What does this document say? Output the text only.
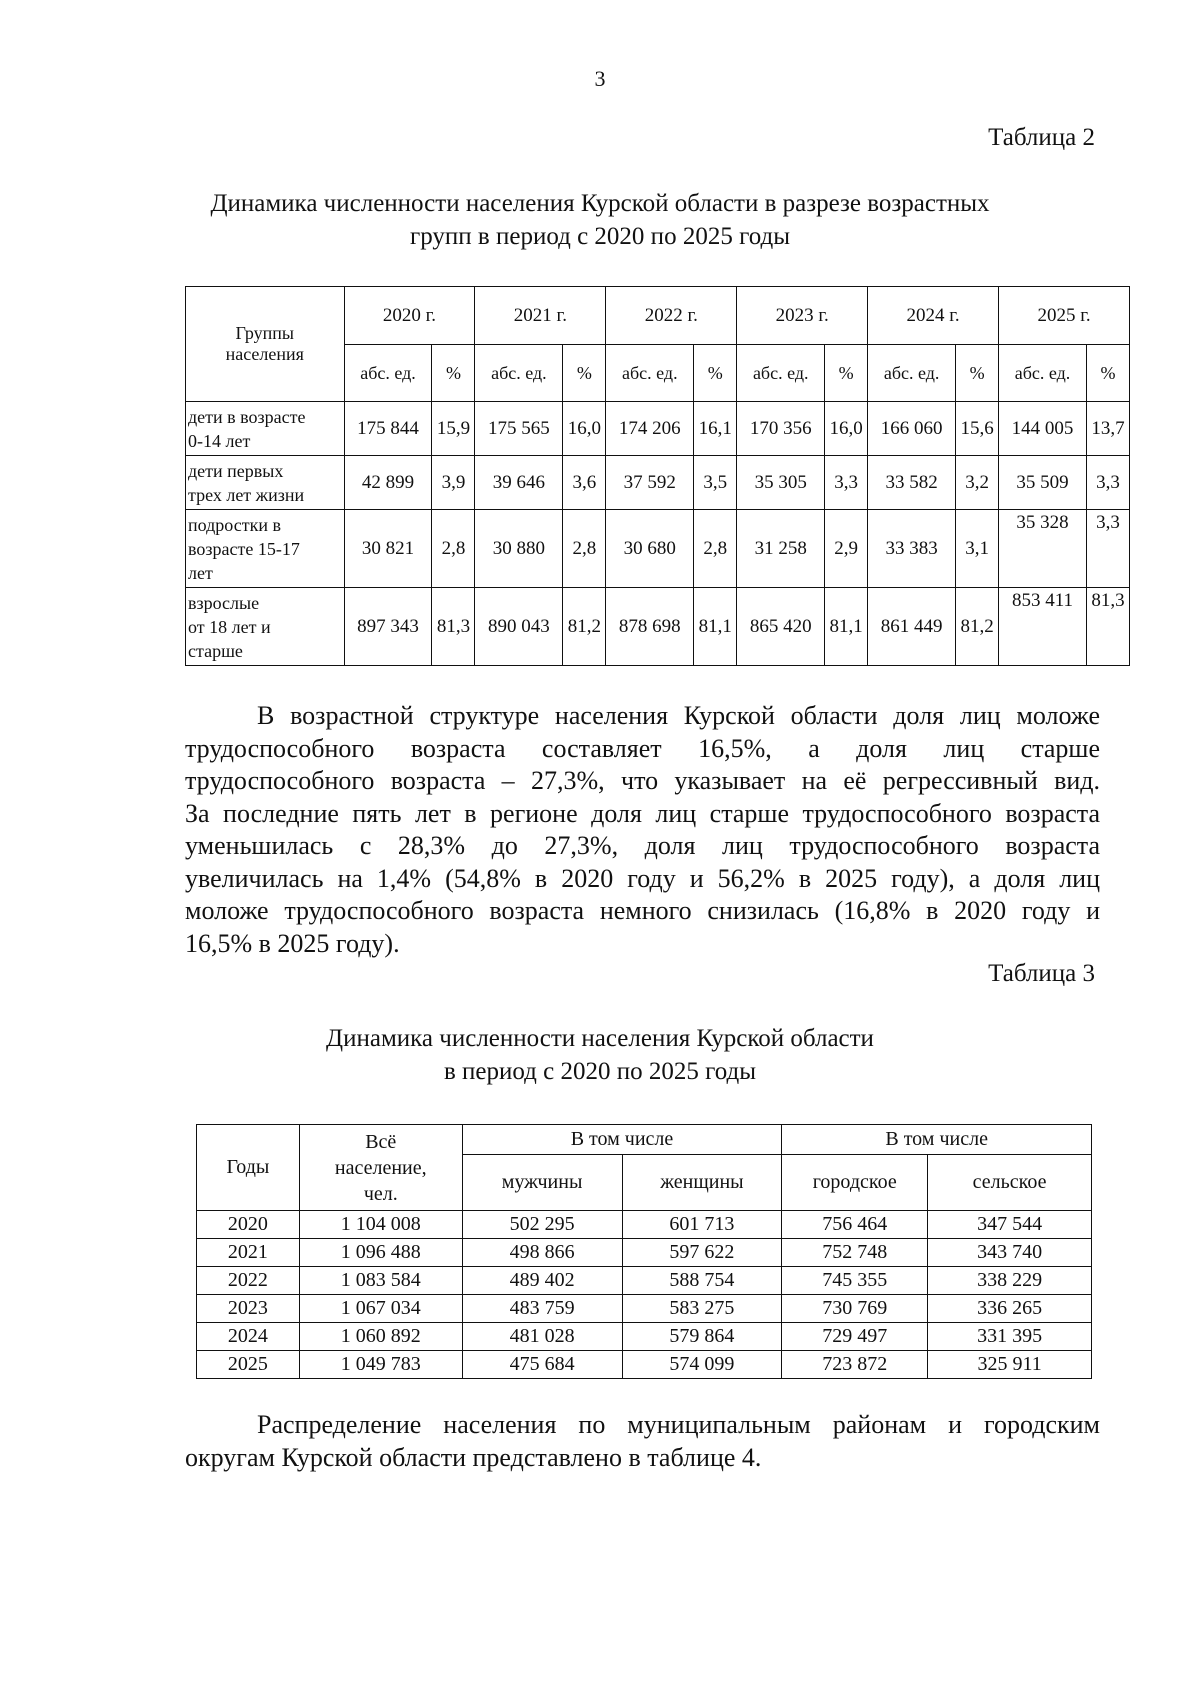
3
Таблица 2
Динамика численности населения Курской области в разрезе возрастных
групп в период с 2020 по 2025 годы
Группы
населения	2020 г.		2021 г.		2022 г.		2023 г.		2024 г.		2025 г.	
	абс. ед.	%	абс. ед.	%	абс. ед.	%	абс. ед.	%	абс. ед.	%	абс. ед.	%

дети в возрасте
0-14 лет	175 844	15,9	175 565	16,0	174 206	16,1	170 356	16,0	166 060	15,6	144 005	13,7

дети первых
трех лет жизни	42 899	3,9	39 646	3,6	37 592	3,5	35 305	3,3	33 582	3,2	35 509	3,3

подростки в
возрасте 15-17
лет	30 821	2,8	30 880	2,8	30 680	2,8	31 258	2,9	33 383	3,1	35 328	3,3

взрослые
от 18 лет и
старше	897 343	81,3	890 043	81,2	878 698	81,1	865 420	81,1	861 449	81,2	853 411	81,3
В возрастной структуре населения Курской области доля лиц моложе
трудоспособного возраста составляет 16,5%, а доля лиц старше
трудоспособного возраста – 27,3%, что указывает на её регрессивный вид.
За последние пять лет в регионе доля лиц старше трудоспособного возраста
уменьшилась с 28,3% до 27,3%, доля лиц трудоспособного возраста
увеличилась на 1,4% (54,8% в 2020 году и 56,2% в 2025 году), а доля лиц
моложе трудоспособного возраста немного снизилась (16,8% в 2020 году и
16,5% в 2025 году).
Таблица 3
Динамика численности населения Курской области
в период с 2020 по 2025 годы
Годы	Всё
население,
чел.	В том числе		В том числе	
		мужчины	женщины	городское	сельское
2020	1 104 008	502 295	601 713	756 464	347 544
2021	1 096 488	498 866	597 622	752 748	343 740
2022	1 083 584	489 402	588 754	745 355	338 229
2023	1 067 034	483 759	583 275	730 769	336 265
2024	1 060 892	481 028	579 864	729 497	331 395
2025	1 049 783	475 684	574 099	723 872	325 911
Распределение населения по муниципальным районам и городским
округам Курской области представлено в таблице 4.
